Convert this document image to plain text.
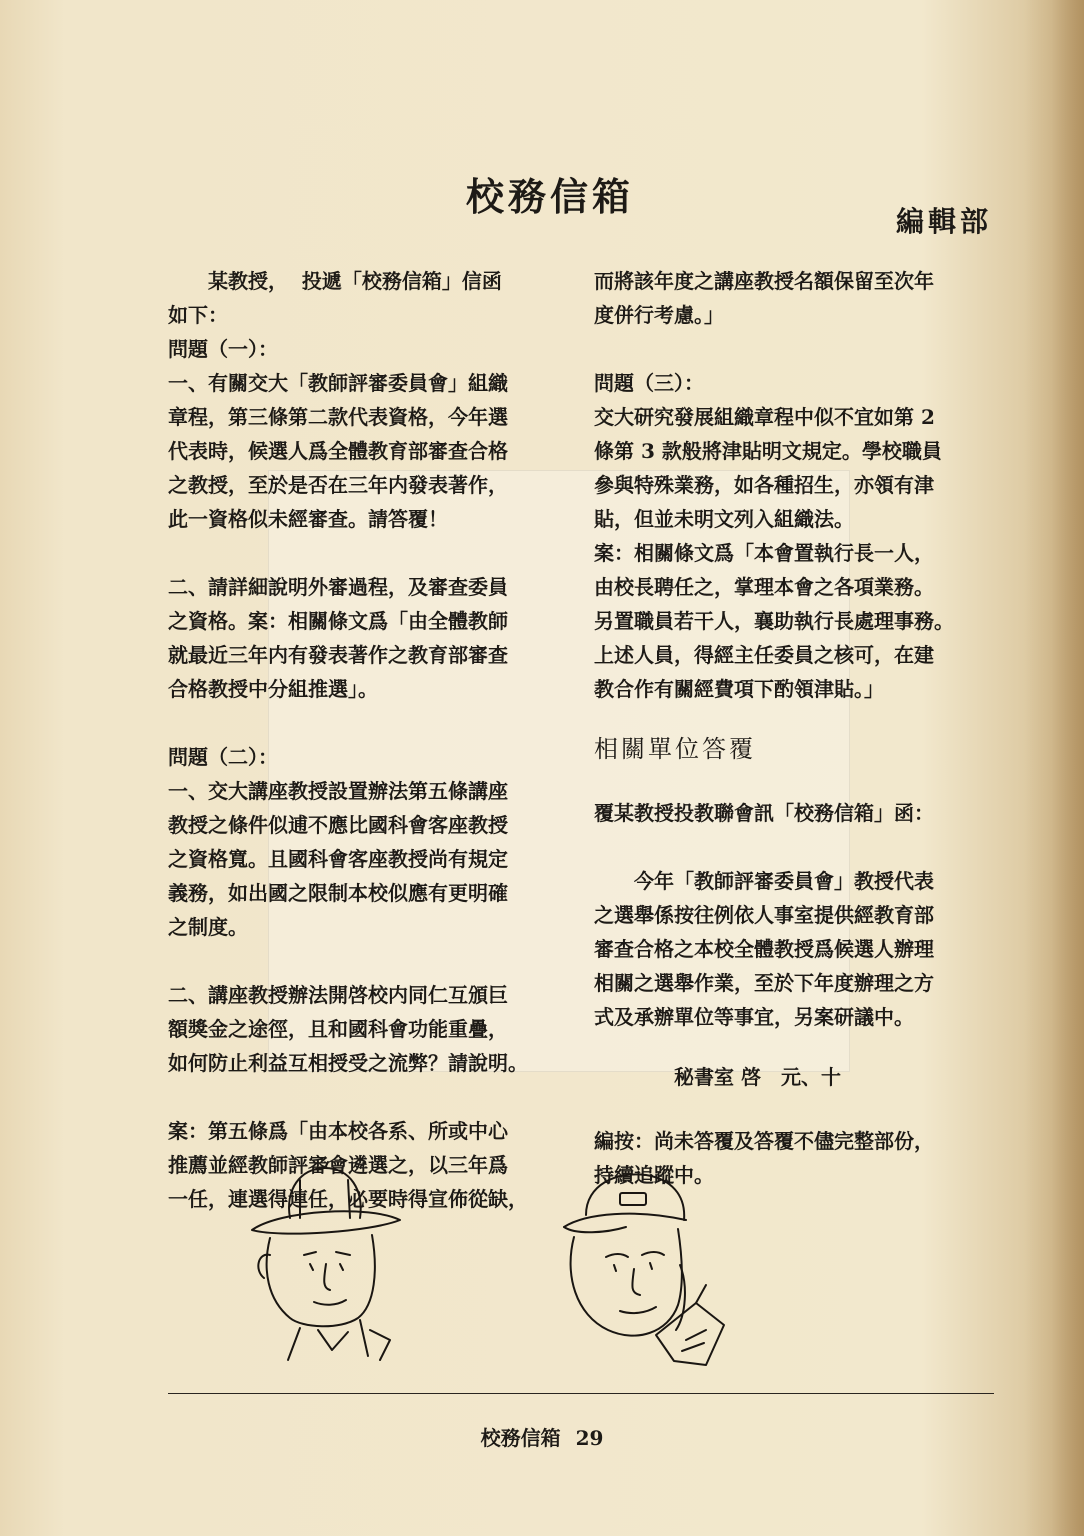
校務信箱
編輯部

　　某教授，  投遞「校務信箱」信函

如下：

問題（一）：

一、有關交大「教師評審委員會」組織

章程，第三條第二款代表資格，今年選

代表時，候選人爲全體教育部審查合格

之教授，至於是否在三年内發表著作，

此一資格似未經審查。請答覆！

二、請詳細說明外審過程，及審查委員

之資格。案：相關條文爲「由全體教師

就最近三年内有發表著作之教育部審查

合格教授中分組推選」。

問題（二）：

一、交大講座教授設置辦法第五條講座

教授之條件似逋不應比國科會客座教授

之資格寬。且國科會客座教授尚有規定

義務，如出國之限制本校似應有更明確

之制度。

二、講座教授辦法開啓校内同仁互頒巨

額獎金之途徑，且和國科會功能重疊，

如何防止利益互相授受之流弊？請說明。

案：第五條爲「由本校各系、所或中心

推薦並經教師評審會遴選之，以三年爲

一任，連選得連任，必要時得宣佈從缺，

而將該年度之講座教授名額保留至次年

度併行考慮。」

問題（三）：

交大研究發展組織章程中似不宜如第 2

條第 3 款般將津貼明文規定。學校職員

參與特殊業務，如各種招生，亦領有津

貼，但並未明文列入組織法。

案：相關條文爲「本會置執行長一人，

由校長聘任之，掌理本會之各項業務。

另置職員若干人，襄助執行長處理事務。

上述人員，得經主任委員之核可，在建

教合作有關經費項下酌領津貼。」

相關單位答覆

覆某教授投教聯會訊「校務信箱」函：

　　今年「教師評審委員會」教授代表

之選舉係按往例依人事室提供經教育部

審查合格之本校全體教授爲候選人辦理

相關之選舉作業，至於下年度辦理之方

式及承辦單位等事宜，另案研議中。

　　　　秘書室 啓　元、十

編按：尚未答覆及答覆不儘完整部份，

持續追蹤中。

校務信箱 29
